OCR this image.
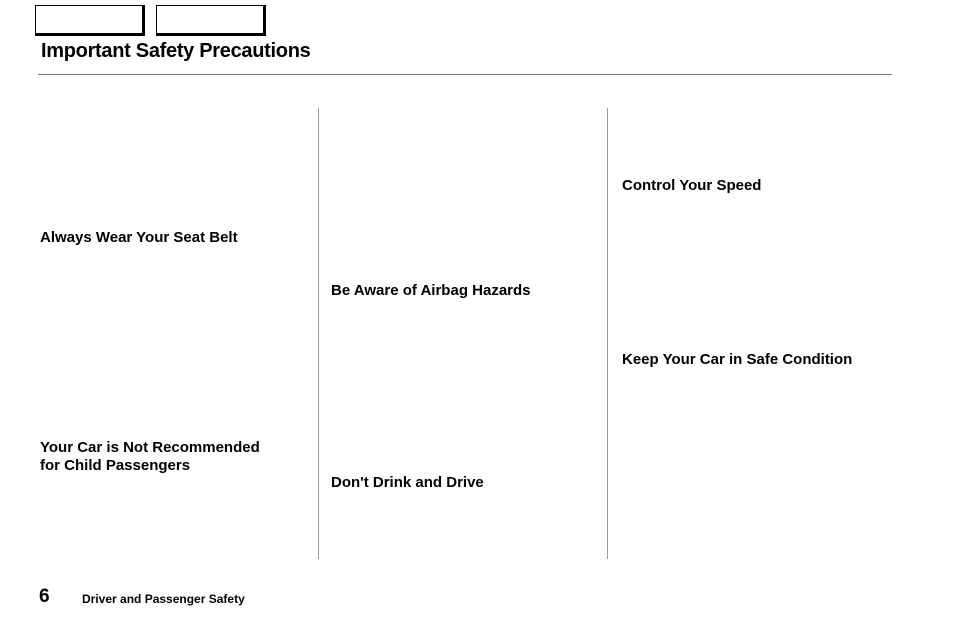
Important Safety Precautions
Always Wear Your Seat Belt
Your Car is Not Recommended
for Child Passengers
Be Aware of Airbag Hazards
Don't Drink and Drive
Control Your Speed
Keep Your Car in Safe Condition
6	Driver and Passenger Safety
